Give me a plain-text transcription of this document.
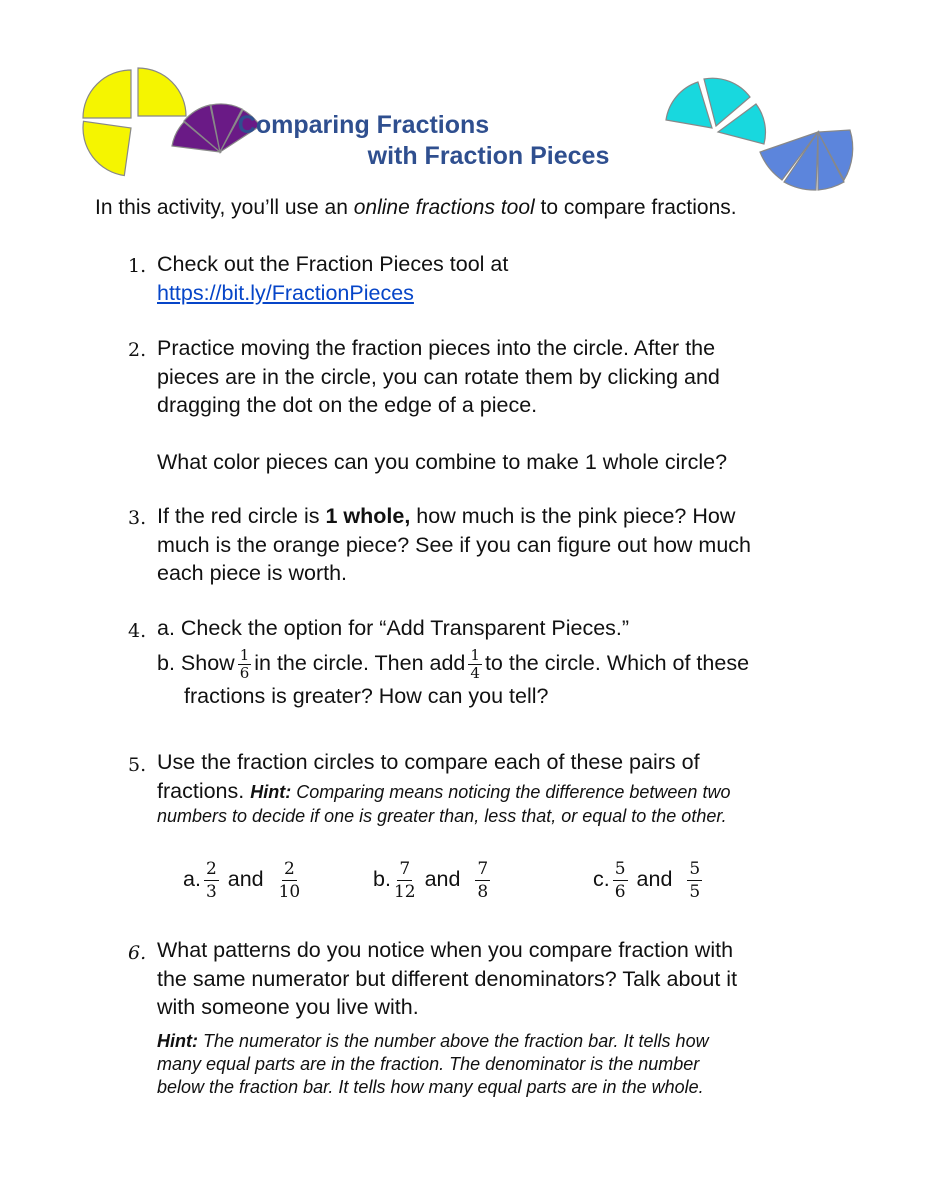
Comparing Fractions
with Fraction Pieces
In this activity, you’ll use an online fractions tool to compare fractions.
1. Check out the Fraction Pieces tool at
https://bit.ly/FractionPieces
2. Practice moving the fraction pieces into the circle. After the
pieces are in the circle, you can rotate them by clicking and
dragging the dot on the edge of a piece.
What color pieces can you combine to make 1 whole circle?
3. If the red circle is 1 whole, how much is the pink piece? How
much is the orange piece? See if you can figure out how much
each piece is worth.
4. a. Check the option for “Add Transparent Pieces.”
b. Show $\frac{1}{6}$ in the circle. Then add $\frac{1}{4}$ to the circle. Which of these
fractions is greater? How can you tell?
5. Use the fraction circles to compare each of these pairs of
fractions. Hint: Comparing means noticing the difference between two
numbers to decide if one is greater than, less that, or equal to the other.
a. $\frac{2}{3}$ and $\frac{2}{10}$	b. $\frac{7}{12}$ and $\frac{7}{8}$	c. $\frac{5}{6}$ and $\frac{5}{5}$
6. What patterns do you notice when you compare fraction with
the same numerator but different denominators? Talk about it
with someone you live with.
Hint: The numerator is the number above the fraction bar. It tells how
many equal parts are in the fraction. The denominator is the number
below the fraction bar. It tells how many equal parts are in the whole.
